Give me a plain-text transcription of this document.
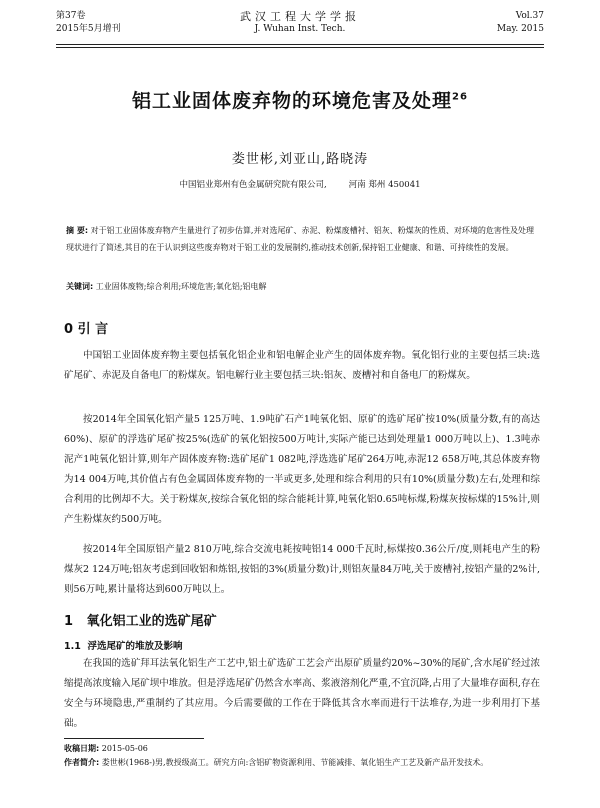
第37卷
2015年5月增刊
武汉工程大学学报
J. Wuhan Inst. Tech.
Vol.37
May. 2015
铝工业固体废弃物的环境危害及处理$^{26}$
娄世彬,刘亚山,路晓涛
中国铝业郑州有色金属研究院有限公司,	河南 郑州 450041
摘 要: 对于铝工业固体废弃物产生量进行了初步估算,并对选尾矿、赤泥、粉煤废槽衬、铝灰、粉煤灰的性质、对环境的危害性及处理现状进行了简述,其目的在于认识到这些废弃物对于铝工业的发展制约,推动技术创新,保持铝工业健康、和谐、可持续性的发展。
关键词: 工业固体废物;综合利用;环境危害;氧化铝;铝电解
0 引 言
中国铝工业固体废弃物主要包括氧化铝企业和铝电解企业产生的固体废弃物。氧化铝行业的主要包括三块:选矿尾矿、赤泥及自备电厂的粉煤灰。铝电解行业主要包括三块:铝灰、废槽衬和自备电厂的粉煤灰。
按2014年全国氧化铝产量5 125万吨、1.9吨矿石产1吨氧化铝、原矿的选矿尾矿按10%(质量分数,有的高达60%)、原矿的浮选矿尾矿按25%(选矿的氧化铝按500万吨计,实际产能已达到处理量1 000万吨以上)、1.3吨赤泥产1吨氧化铝计算,则年产固体废弃物:选矿尾矿1 082吨,浮选选矿尾矿264万吨,赤泥12 658万吨,其总体废弃物为14 004万吨,其价值占有色金属固体废弃物的一半或更多,处理和综合利用的只有10%(质量分数)左右,处理和综合利用的比例却不大。关于粉煤灰,按综合氧化铝的综合能耗计算,吨氧化铝0.65吨标煤,粉煤灰按标煤的15%计,则产生粉煤灰约500万吨。
按2014年全国原铝产量2 810万吨,综合交流电耗按吨铝14 000千瓦时,标煤按0.36公斤/度,则耗电产生的粉煤灰2 124万吨;铝灰考虑到回收铝和炼铝,按铝的3%(质量分数)计,则铝灰量84万吨,关于废槽衬,按铝产量的2%计,则56万吨,累计量将达到600万吨以上。
1 氧化铝工业的选矿尾矿
1.1 浮选尾矿的堆放及影响
在我国的选矿拜耳法氧化铝生产工艺中,铝土矿选矿工艺会产出原矿质量约20%~30%的尾矿,含水尾矿经过浓缩提高浓度输入尾矿坝中堆放。但是浮选尾矿仍然含水率高、浆液溶剂化严重,不宜沉降,占用了大量堆存面积,存在安全与环境隐患,严重制约了其应用。今后需要做的工作在于降低其含水率而进行干法堆存,为进一步利用打下基础。
收稿日期: 2015-05-06
作者简介: 娄世彬(1968-)男,教授级高工。研究方向:含铝矿物资源利用、节能减排、氧化铝生产工艺及新产品开发技术。
